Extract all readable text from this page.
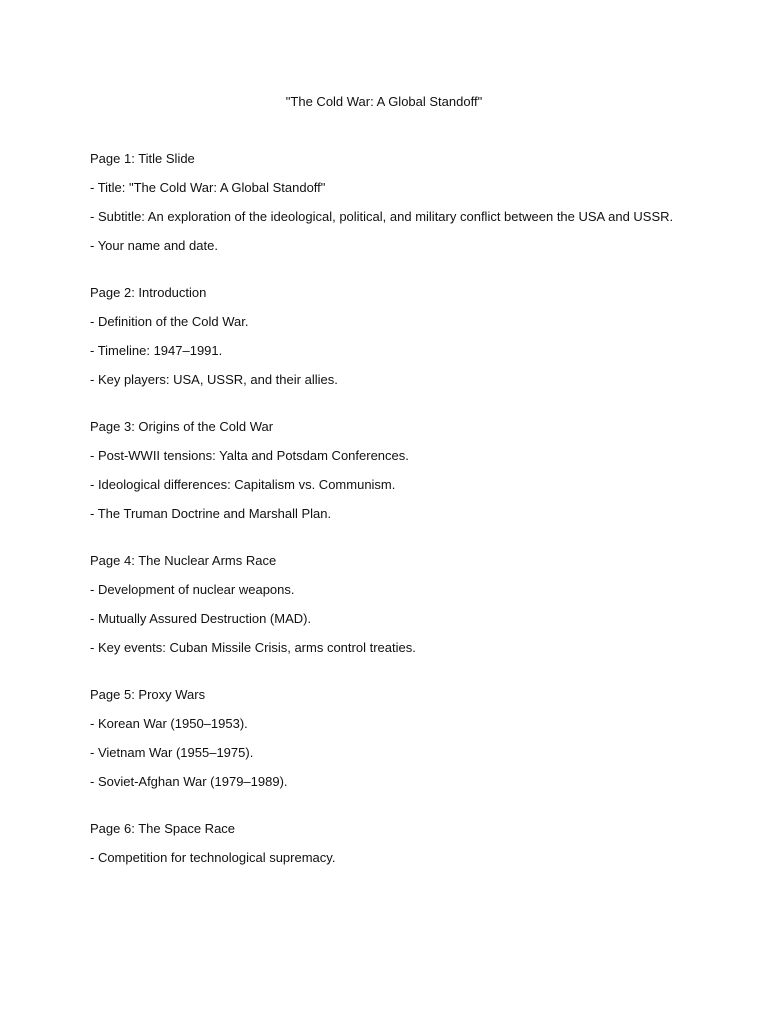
"The Cold War: A Global Standoff"
Page 1: Title Slide
- Title: "The Cold War: A Global Standoff"
- Subtitle: An exploration of the ideological, political, and military conflict between the USA and USSR.
- Your name and date.
Page 2: Introduction
- Definition of the Cold War.
- Timeline: 1947–1991.
- Key players: USA, USSR, and their allies.
Page 3: Origins of the Cold War
- Post-WWII tensions: Yalta and Potsdam Conferences.
- Ideological differences: Capitalism vs. Communism.
- The Truman Doctrine and Marshall Plan.
Page 4: The Nuclear Arms Race
- Development of nuclear weapons.
- Mutually Assured Destruction (MAD).
- Key events: Cuban Missile Crisis, arms control treaties.
Page 5: Proxy Wars
- Korean War (1950–1953).
- Vietnam War (1955–1975).
- Soviet-Afghan War (1979–1989).
Page 6: The Space Race
- Competition for technological supremacy.
